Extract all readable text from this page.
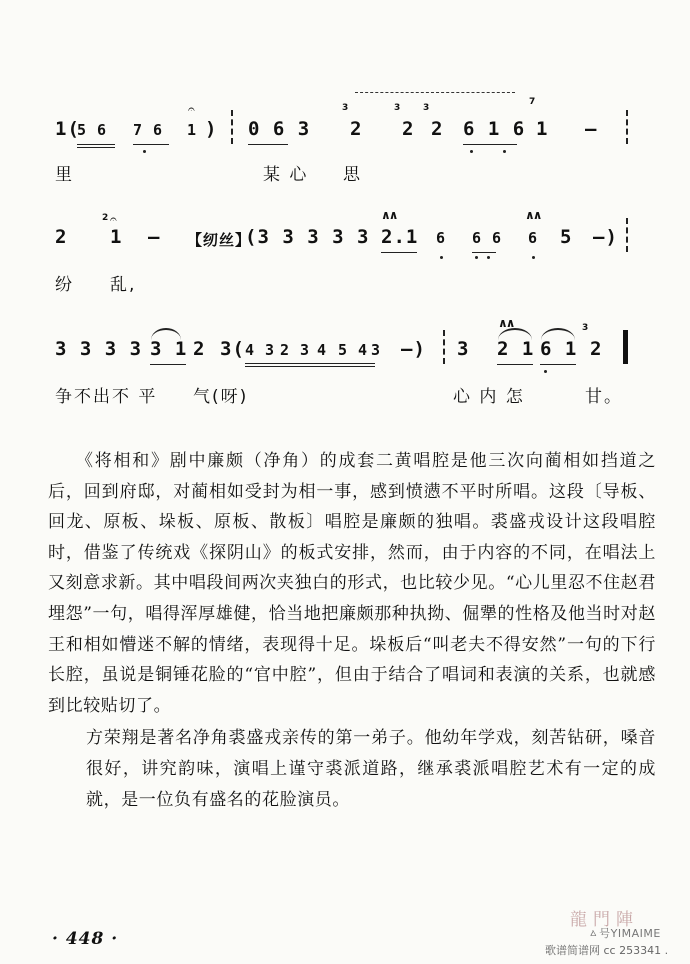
1(
5 6 7 6
𝄐
1 ) 0 6 3
3
2
3
2
3
2 6 1 6
7
1 –
里	某 心 思
2
2 𝄐
1 – 【纫丝】
(3 3 3 3 3
∧∧
2.1 6 6 6
∧∧
6 5 –)
纷 乱,
3 3 3 3 3 1 2 3( 4 3 2 3 4 5 4 3 –) 3
∧∧
2 1 6 1
3
2
争不出不 平 气(呀)	心 内 怎	甘。

《将相和》剧中廉颇（净角）的成套二黄唱腔是他三次向蔺相如挡道之后，回到府邸，对蔺相如受封为相一事，感到愤懑不平时所唱。这段〔导板、回龙、原板、垛板、原板、散板〕唱腔是廉颇的独唱。裘盛戎设计这段唱腔时，借鉴了传统戏《探阴山》的板式安排，然而，由于内容的不同，在唱法上又刻意求新。其中唱段间两次夹独白的形式，也比较少见。“心儿里忍不住赵君埋怨”一句，唱得浑厚雄健，恰当地把廉颇那种执拗、倔犟的性格及他当时对赵王和相如懵迷不解的情绪，表现得十足。垛板后“叫老夫不得安然”一句的下行长腔，虽说是铜锤花脸的“官中腔”，但由于结合了唱词和表演的关系，也就感到比较贴切了。

方荣翔是著名净角裘盛戎亲传的第一弟子。他幼年学戏，刻苦钻研，嗓音很好，讲究韵味，演唱上谨守裘派道路，继承裘派唱腔艺术有一定的成就，是一位负有盛名的花脸演员。

· 448 ·
龍門陣
ㅿ号YIMAIME
歌谱简谱网 cc 253341 .
